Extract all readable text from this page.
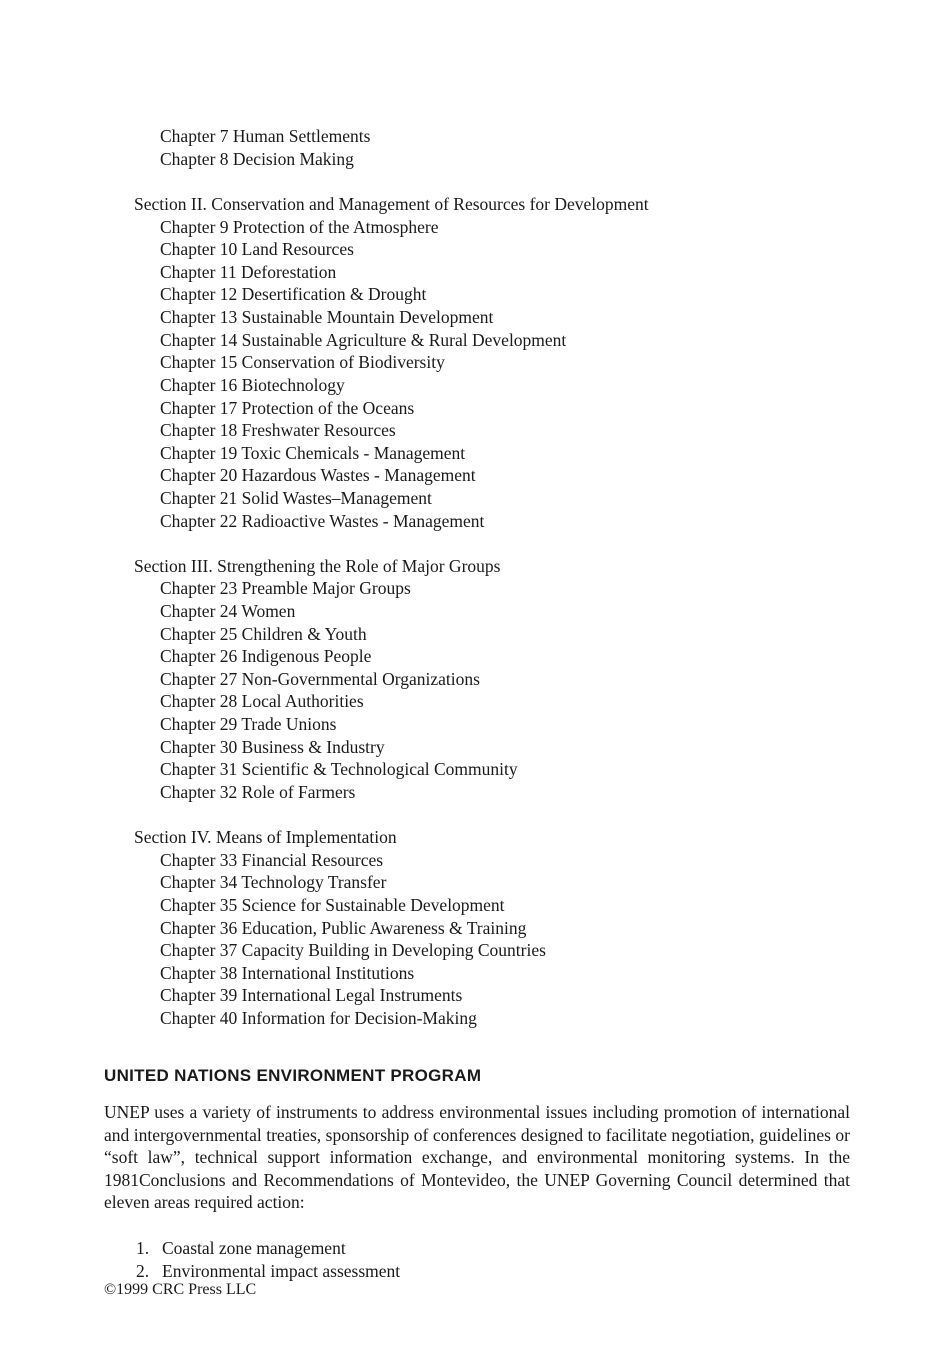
Chapter 7 Human Settlements
Chapter 8 Decision Making
Section II. Conservation and Management of Resources for Development
Chapter 9 Protection of the Atmosphere
Chapter 10 Land Resources
Chapter 11 Deforestation
Chapter 12 Desertification & Drought
Chapter 13 Sustainable Mountain Development
Chapter 14 Sustainable Agriculture & Rural Development
Chapter 15 Conservation of Biodiversity
Chapter 16 Biotechnology
Chapter 17 Protection of the Oceans
Chapter 18 Freshwater Resources
Chapter 19 Toxic Chemicals - Management
Chapter 20 Hazardous Wastes - Management
Chapter 21 Solid Wastes–Management
Chapter 22 Radioactive Wastes - Management
Section III. Strengthening the Role of Major Groups
Chapter 23 Preamble Major Groups
Chapter 24 Women
Chapter 25 Children & Youth
Chapter 26 Indigenous People
Chapter 27 Non-Governmental Organizations
Chapter 28 Local Authorities
Chapter 29 Trade Unions
Chapter 30 Business & Industry
Chapter 31 Scientific & Technological Community
Chapter 32 Role of Farmers
Section IV. Means of Implementation
Chapter 33 Financial Resources
Chapter 34 Technology Transfer
Chapter 35 Science for Sustainable Development
Chapter 36 Education, Public Awareness & Training
Chapter 37 Capacity Building in Developing Countries
Chapter 38 International Institutions
Chapter 39 International Legal Instruments
Chapter 40 Information for Decision-Making
UNITED NATIONS ENVIRONMENT PROGRAM
UNEP uses a variety of instruments to address environmental issues including promotion of international and intergovernmental treaties, sponsorship of conferences designed to facilitate negotiation, guidelines or “soft law”, technical support information exchange, and environmental monitoring systems. In the 1981Conclusions and Recommendations of Montevideo, the UNEP Governing Council determined that eleven areas required action:
1. Coastal zone management
2. Environmental impact assessment
©1999 CRC Press LLC
